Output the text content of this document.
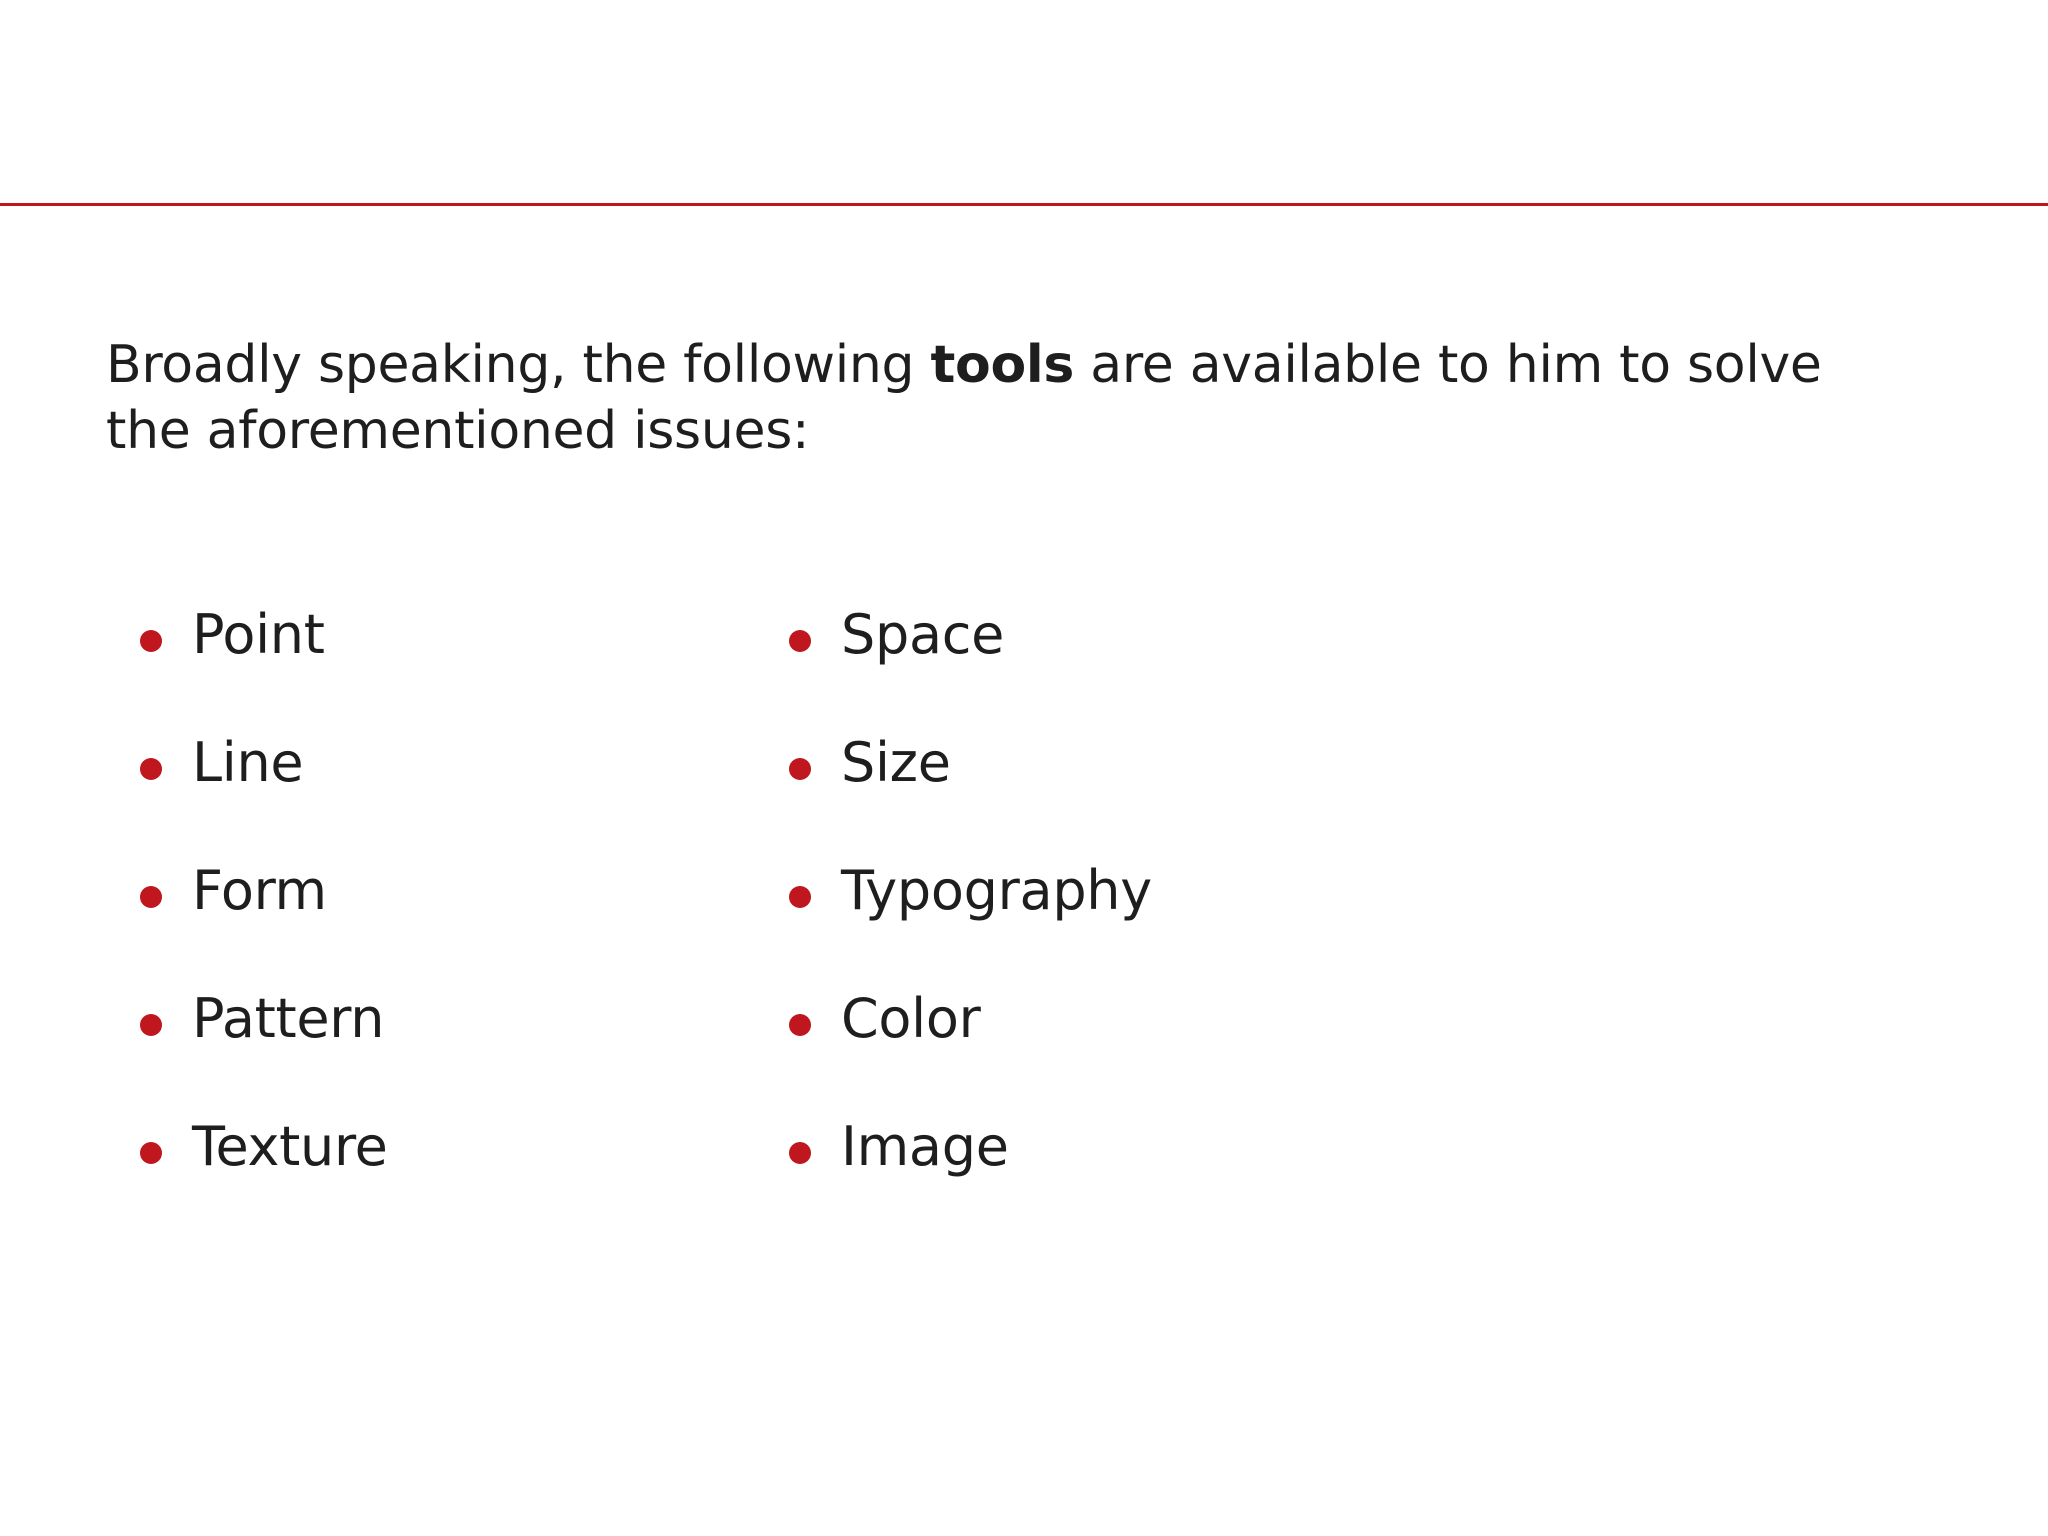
Broadly speaking, the following tools are available to him to solve the aforementioned issues:

Point
Line
Form
Pattern
Texture
Space
Size
Typography
Color
Image
